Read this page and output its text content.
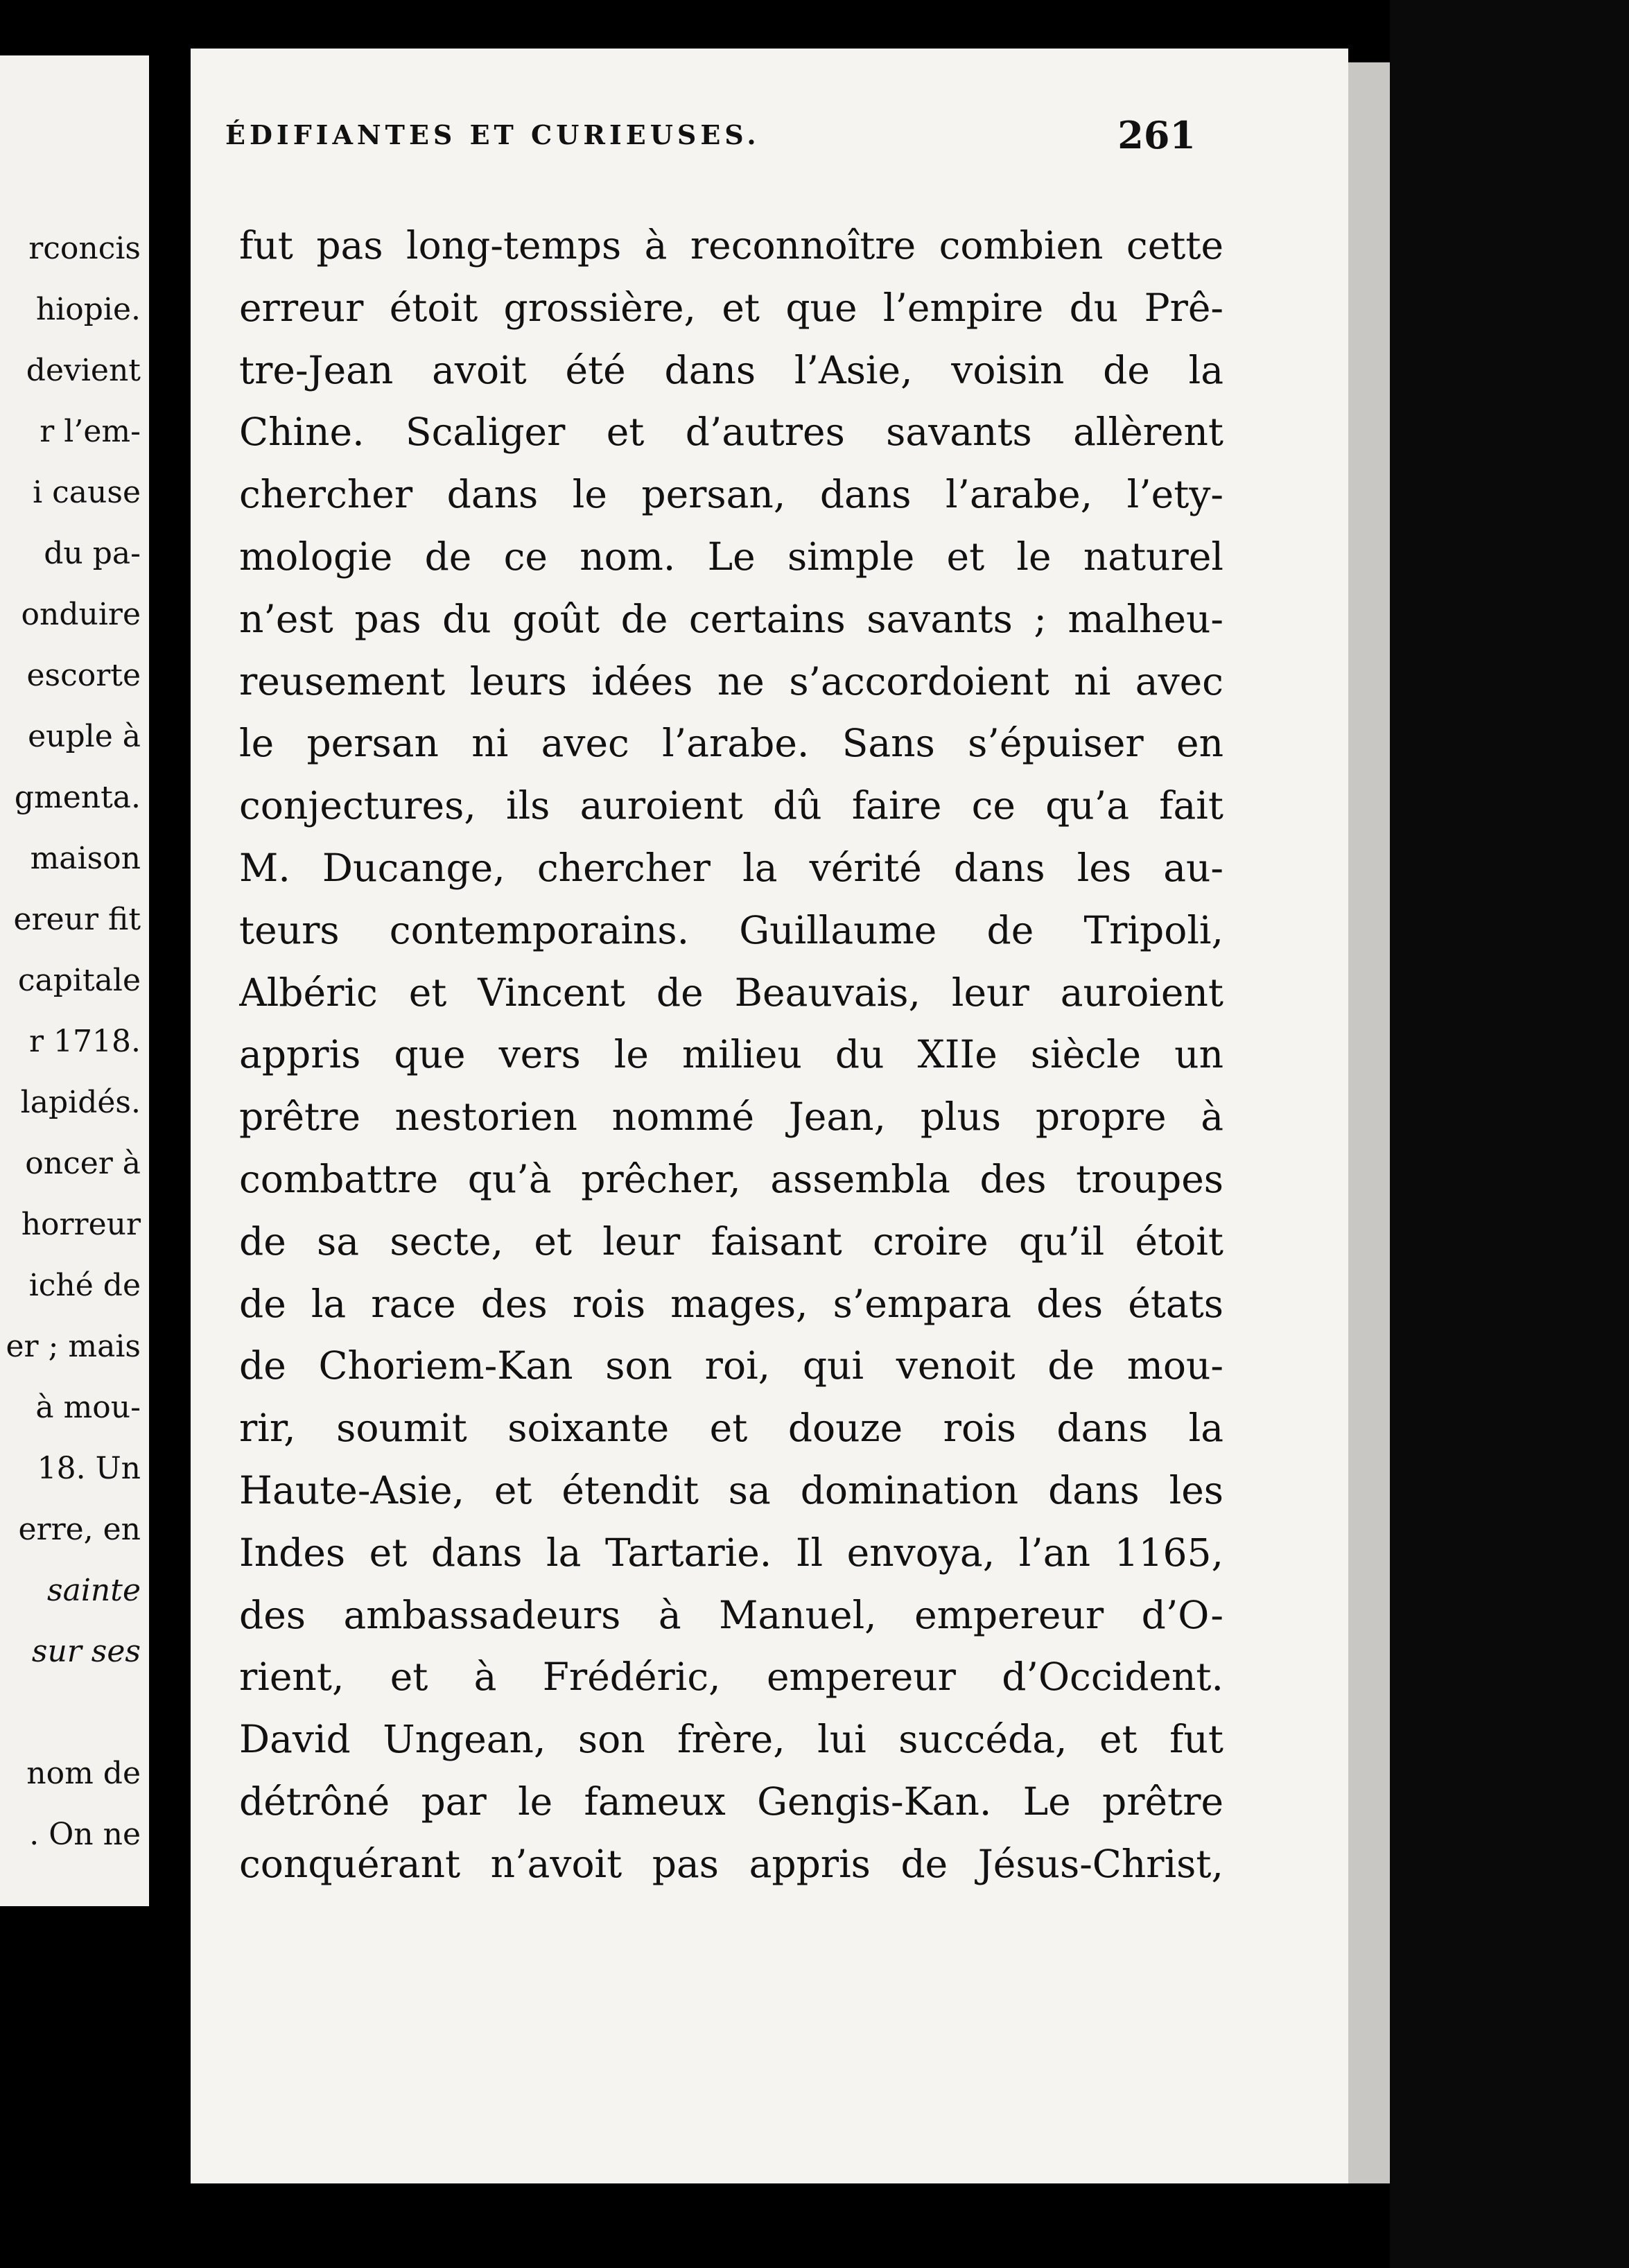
rconcis
hiopie.
devient
r l’em-
i cause
du pa-
onduire
escorte
euple à
gmenta.
maison
ereur fit
capitale
r 1718.
lapidés.
oncer à
horreur
iché de
er ; mais
à mou-
18. Un
erre, en
sainte
sur ses
nom de
. On ne
ÉDIFIANTES ET CURIEUSES.	261
fut pas long-temps à reconnoître combien cette
erreur étoit grossière, et que l’empire du Prê-
tre-Jean avoit été dans l’Asie, voisin de la
Chine. Scaliger et d’autres savants allèrent
chercher dans le persan, dans l’arabe, l’ety-
mologie de ce nom. Le simple et le naturel
n’est pas du goût de certains savants ; malheu-
reusement leurs idées ne s’accordoient ni avec
le persan ni avec l’arabe. Sans s’épuiser en
conjectures, ils auroient dû faire ce qu’a fait
M. Ducange, chercher la vérité dans les au-
teurs contemporains. Guillaume de Tripoli,
Albéric et Vincent de Beauvais, leur auroient
appris que vers le milieu du XIIe siècle un
prêtre nestorien nommé Jean, plus propre à
combattre qu’à prêcher, assembla des troupes
de sa secte, et leur faisant croire qu’il étoit
de la race des rois mages, s’empara des états
de Choriem-Kan son roi, qui venoit de mou-
rir, soumit soixante et douze rois dans la
Haute-Asie, et étendit sa domination dans les
Indes et dans la Tartarie. Il envoya, l’an 1165,
des ambassadeurs à Manuel, empereur d’O-
rient, et à Frédéric, empereur d’Occident.
David Ungean, son frère, lui succéda, et fut
détrôné par le fameux Gengis-Kan. Le prêtre
conquérant n’avoit pas appris de Jésus-Christ,
